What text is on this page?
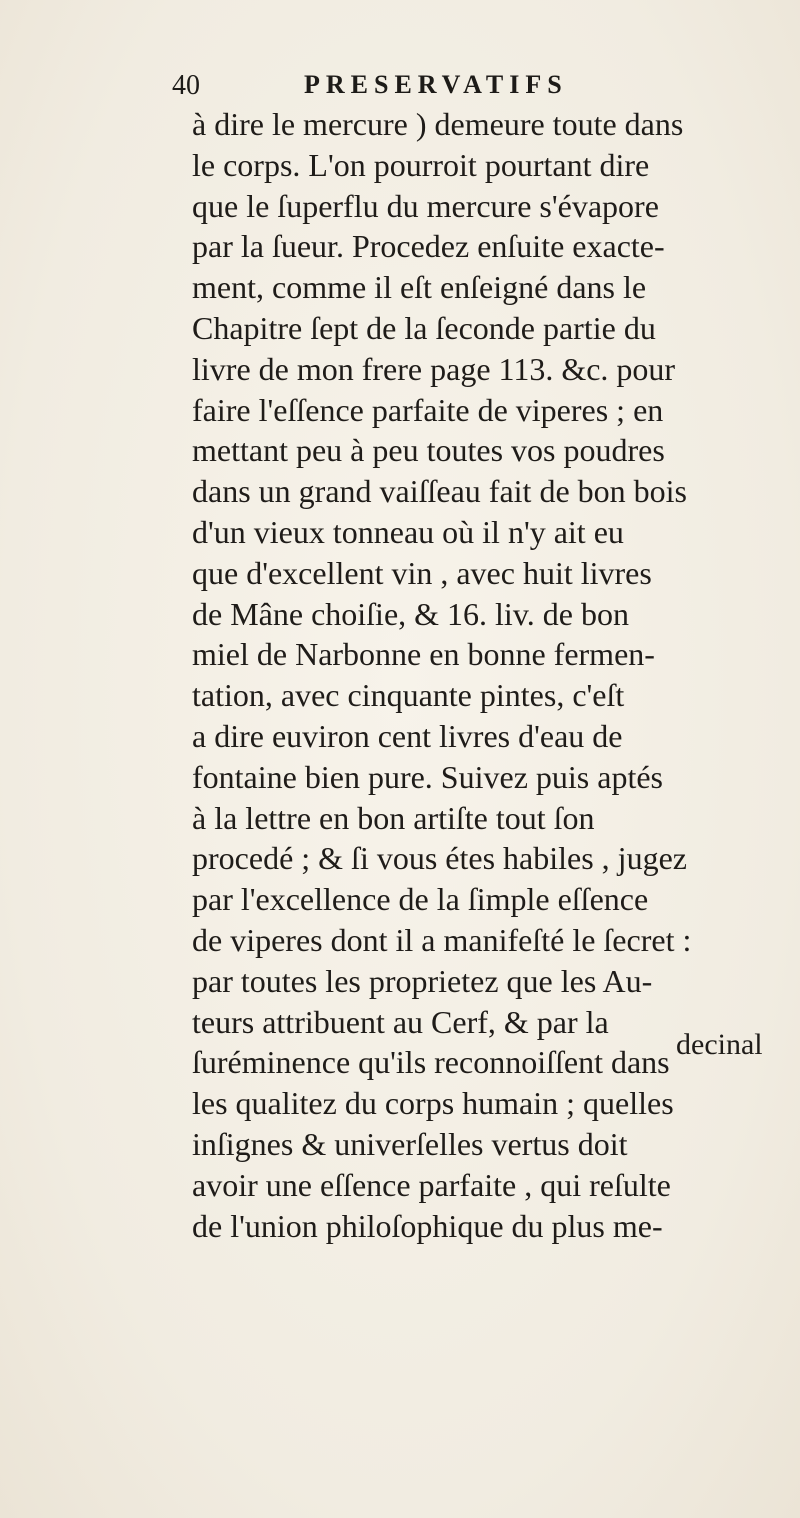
40	PRESERVATIFS
à dire le mercure ) demeure toute dans
le corps. L'on pourroit pourtant dire
que le ſuperflu du mercure s'évapore
par la ſueur. Procedez enſuite exacte-
ment, comme il eſt enſeigné dans le
Chapitre ſept de la ſeconde partie du
livre de mon frere page 113. &c. pour
faire l'eſſence parfaite de viperes ; en
mettant peu à peu toutes vos poudres
dans un grand vaiſſeau fait de bon bois
d'un vieux tonneau où il n'y ait eu
que d'excellent vin , avec huit livres
de Mâne choiſie, & 16. liv. de bon
miel de Narbonne en bonne fermen-
tation, avec cinquante pintes, c'eſt
a dire euviron cent livres d'eau de
fontaine bien pure. Suivez puis aptés
à la lettre en bon artiſte tout ſon
procedé ; & ſi vous étes habiles , jugez
par l'excellence de la ſimple eſſence
de viperes dont il a manifeſté le ſecret :
par toutes les proprietez que les Au-
teurs attribuent au Cerf, & par la
ſuréminence qu'ils reconnoiſſent dans
les qualitez du corps humain ; quelles
inſignes & univerſelles vertus doit
avoir une eſſence parfaite , qui reſulte
de l'union philoſophique du plus me-
decinal
